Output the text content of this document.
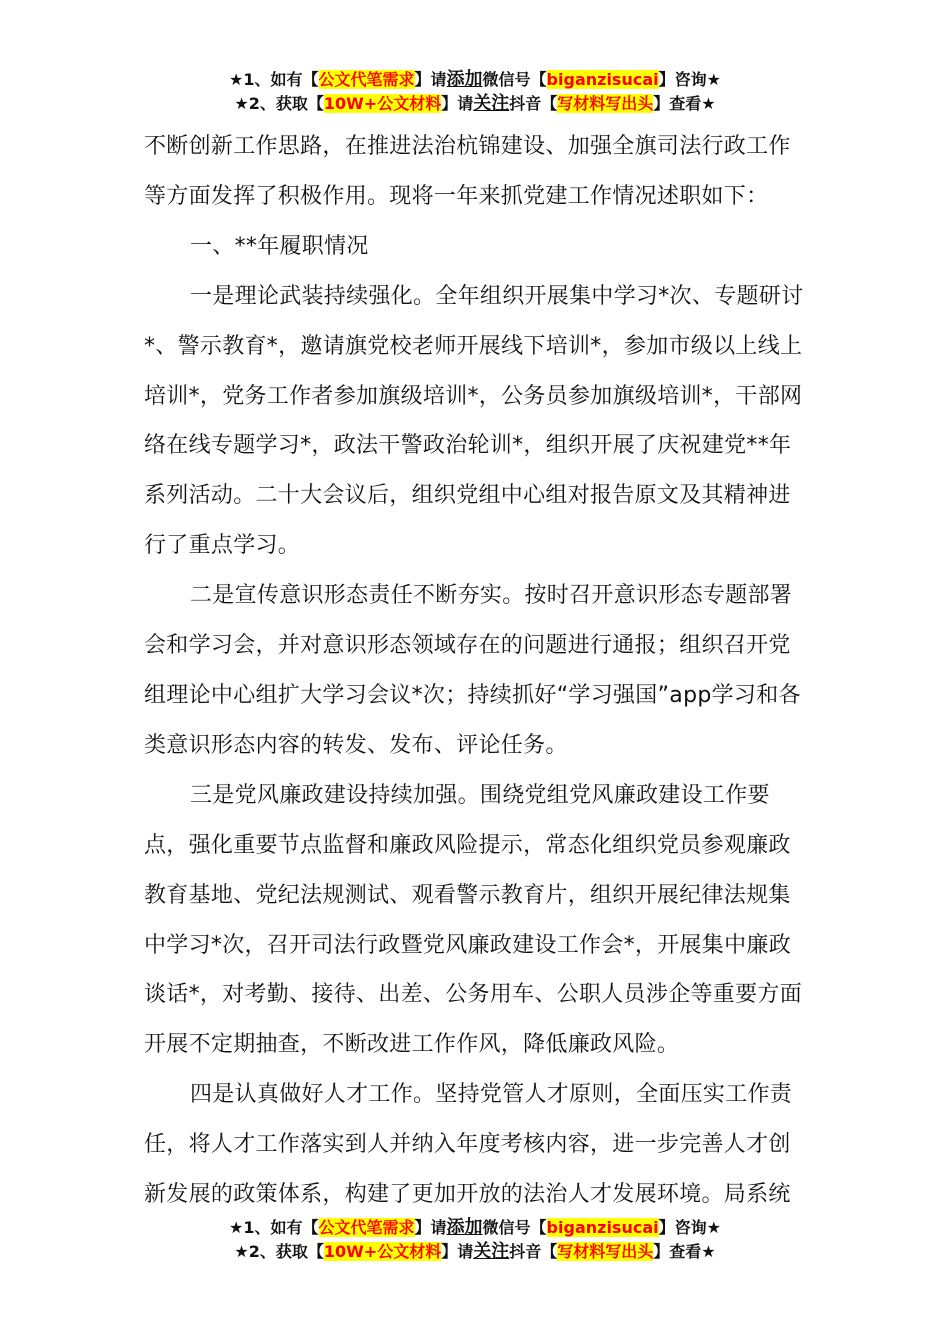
★1、如有【公文代笔需求】请添加微信号【biganzisucai】咨询★
★2、获取【10W+公文材料】请关注抖音【写材料写出头】查看★

不断创新工作思路，在推进法治杭锦建设、加强全旗司法行政工作等方面发挥了积极作用。现将一年来抓党建工作情况述职如下：

一、**年履职情况

一是理论武装持续强化。全年组织开展集中学习*次、专题研讨*、警示教育*，邀请旗党校老师开展线下培训*，参加市级以上线上培训*，党务工作者参加旗级培训*，公务员参加旗级培训*，干部网络在线专题学习*，政法干警政治轮训*，组织开展了庆祝建党**年系列活动。二十大会议后，组织党组中心组对报告原文及其精神进行了重点学习。

二是宣传意识形态责任不断夯实。按时召开意识形态专题部署会和学习会，并对意识形态领域存在的问题进行通报；组织召开党组理论中心组扩大学习会议*次；持续抓好“学习强国”app学习和各类意识形态内容的转发、发布、评论任务。

三是党风廉政建设持续加强。围绕党组党风廉政建设工作要点，强化重要节点监督和廉政风险提示，常态化组织党员参观廉政教育基地、党纪法规测试、观看警示教育片，组织开展纪律法规集中学习*次，召开司法行政暨党风廉政建设工作会*，开展集中廉政谈话*，对考勤、接待、出差、公务用车、公职人员涉企等重要方面开展不定期抽查，不断改进工作作风，降低廉政风险。

四是认真做好人才工作。坚持党管人才原则，全面压实工作责任，将人才工作落实到人并纳入年度考核内容，进一步完善人才创新发展的政策体系，构建了更加开放的法治人才发展环境。局系统

★1、如有【公文代笔需求】请添加微信号【biganzisucai】咨询★
★2、获取【10W+公文材料】请关注抖音【写材料写出头】查看★
